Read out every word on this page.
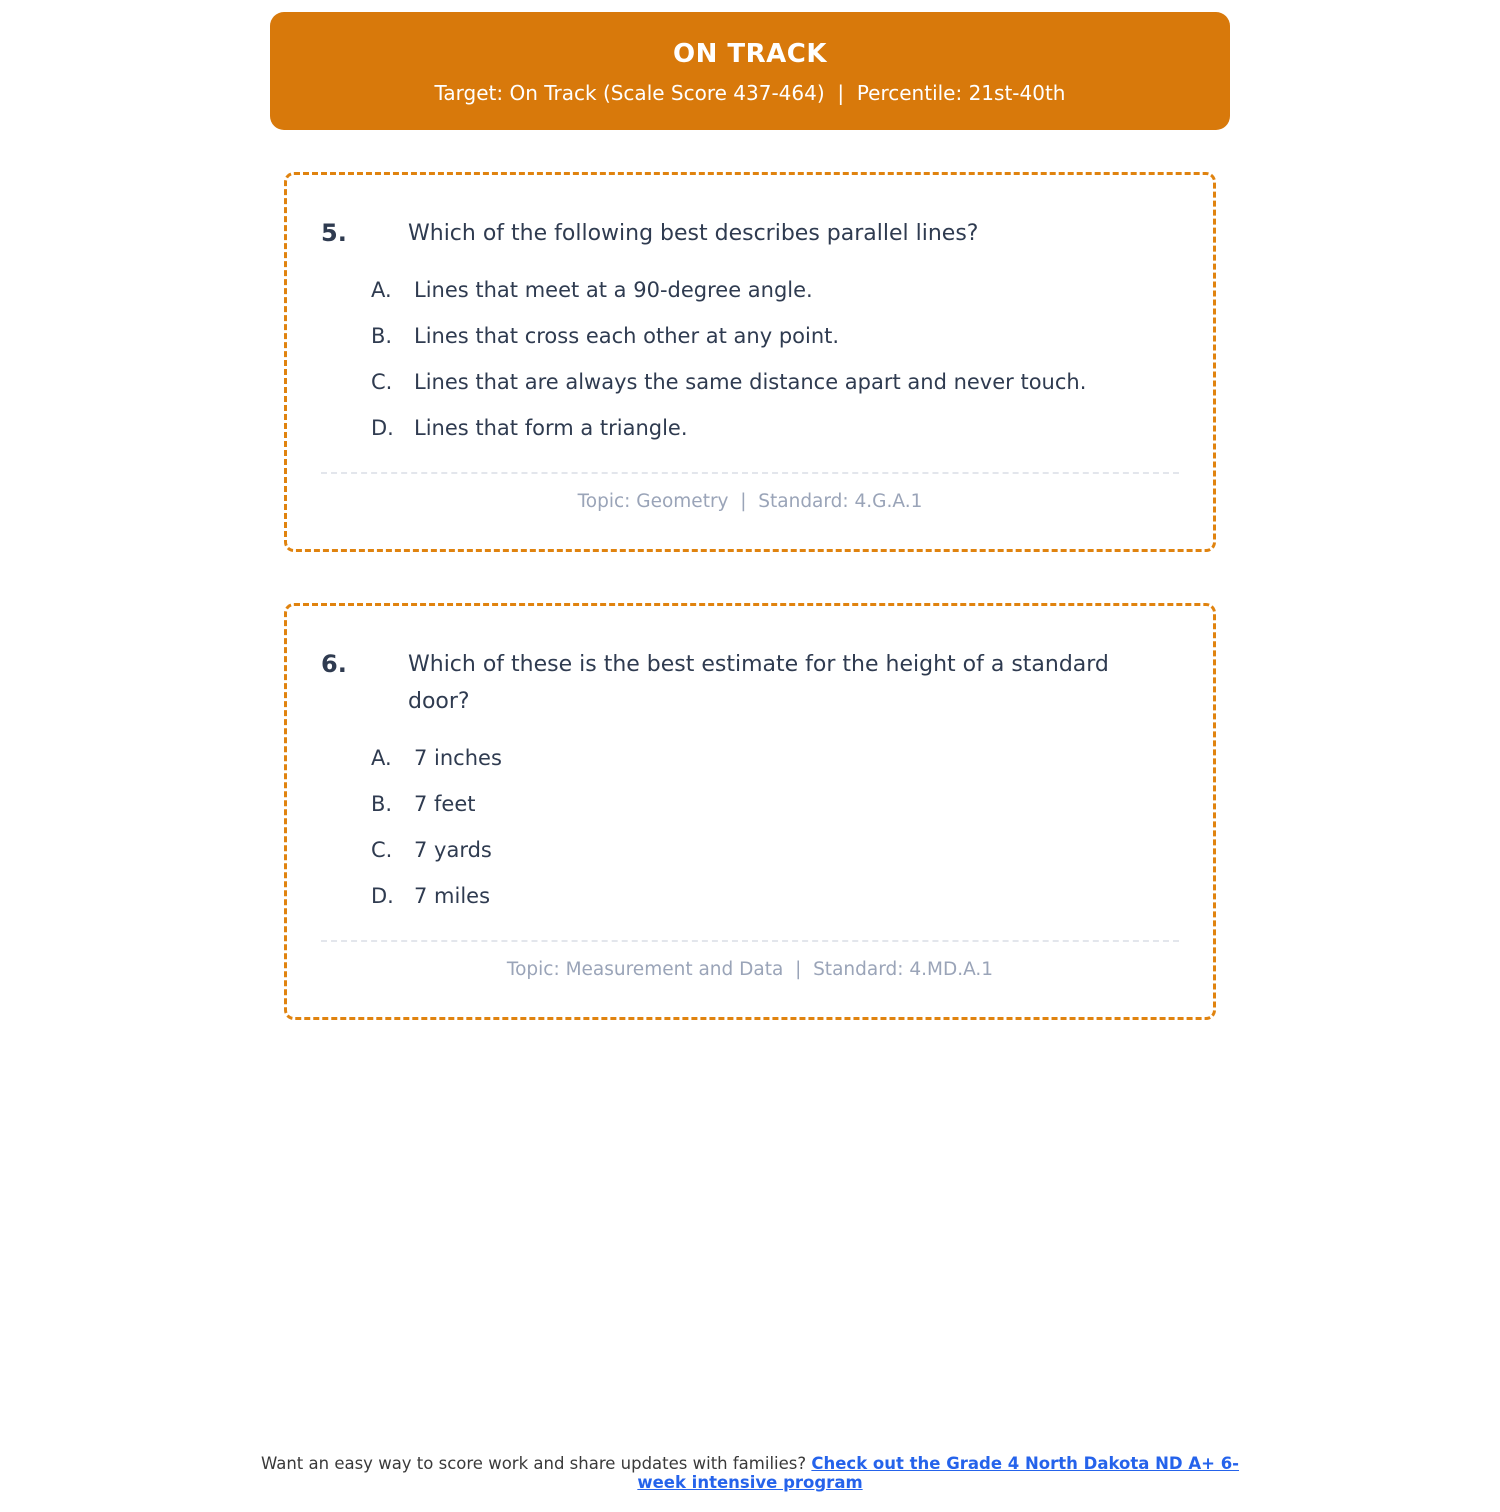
ON TRACK
Target: On Track (Scale Score 437-464)  |  Percentile: 21st-40th
5.	Which of the following best describes parallel lines?
A.	Lines that meet at a 90-degree angle.
B.	Lines that cross each other at any point.
C.	Lines that are always the same distance apart and never touch.
D. Lines that form a triangle.
Topic: Geometry  |  Standard: 4.G.A.1
6.	Which of these is the best estimate for the height of a standard door?
A.	7 inches
B.	7 feet
C.	7 yards
D. 7 miles
Topic: Measurement and Data  |  Standard: 4.MD.A.1
Want an easy way to score work and share updates with families? Check out the Grade 4 North Dakota ND A+ 6-week intensive program
